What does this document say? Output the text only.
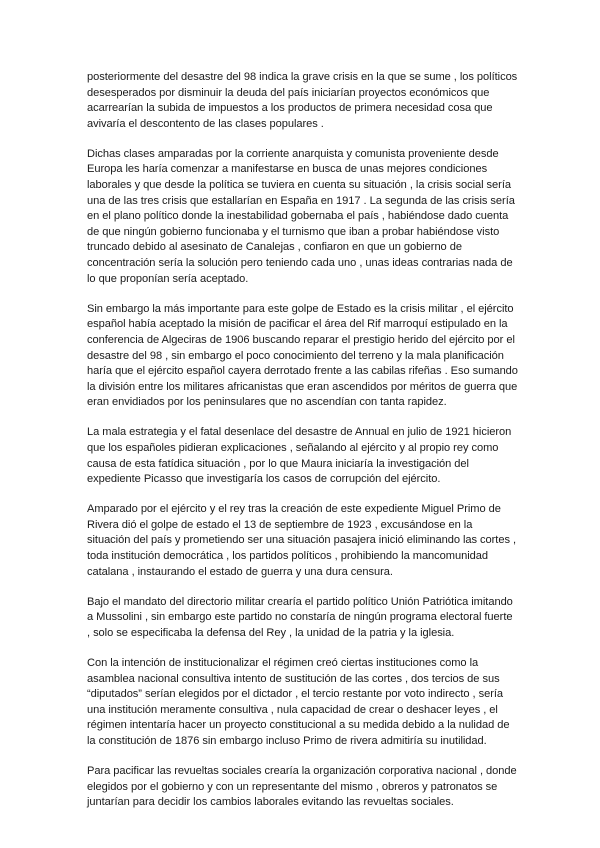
posteriormente del desastre del 98 indica la grave crisis en la que se sume , los políticos desesperados por disminuir la deuda del país iniciarían proyectos económicos que acarrearían la subida de impuestos a los productos de primera necesidad cosa que avivaría el descontento de las clases populares .

Dichas clases amparadas por la corriente anarquista y comunista proveniente desde Europa les haría comenzar a manifestarse en busca de unas mejores condiciones laborales y que desde la política se tuviera en cuenta su situación , la crisis social sería una de las tres crisis que estallarían en España en 1917 . La segunda de las crisis sería en el plano político donde la inestabilidad gobernaba el país , habiéndose dado cuenta de que ningún gobierno funcionaba y el turnismo que iban a probar habiéndose visto truncado debido al asesinato de Canalejas , confiaron en que un gobierno de concentración sería la solución pero teniendo cada uno , unas ideas contrarias nada de lo que proponían sería aceptado.

Sin embargo la más importante para este golpe de Estado es la crisis militar , el ejército español había aceptado la misión de pacificar el área del Rif marroquí estipulado en la conferencia de Algeciras de 1906 buscando reparar el prestigio herido del ejército por el desastre del 98 , sin embargo el poco conocimiento del terreno y la mala planificación haría que el ejército español cayera derrotado frente a las cabilas rifeñas . Eso sumando la división entre los militares africanistas que eran ascendidos por méritos de guerra que eran envidiados por los peninsulares que no ascendían con tanta rapidez.

La mala estrategia y el fatal desenlace del desastre de Annual en julio de 1921 hicieron que los españoles pidieran explicaciones , señalando al ejército y al propio rey como causa de esta fatídica situación , por lo que Maura iniciaría la investigación del expediente Picasso que investigaría los casos de corrupción del ejército.

Amparado por el ejército y el rey tras la creación de este expediente Miguel Primo de Rivera dió el golpe de estado el 13 de septiembre de 1923 , excusándose en la situación del país y prometiendo ser una situación pasajera inició eliminando las cortes , toda institución democrática , los partidos políticos , prohibiendo la mancomunidad catalana , instaurando el estado de guerra y una dura censura.

Bajo el mandato del directorio militar crearía el partido político Unión Patriótica imitando a Mussolini , sin embargo este partido no constaría de ningún programa electoral fuerte , solo se especificaba la defensa del Rey , la unidad de la patria y la iglesia.

Con la intención de institucionalizar el régimen creó ciertas instituciones como la asamblea nacional consultiva intento de sustitución de las cortes , dos tercios de sus “diputados” serían elegidos por el dictador , el tercio restante por voto indirecto , sería una institución meramente consultiva , nula capacidad de crear o deshacer leyes , el régimen intentaría hacer un proyecto constitucional a su medida debido a la nulidad de la constitución de 1876 sin embargo incluso Primo de rivera admitiría su inutilidad.

Para pacificar las revueltas sociales crearía la organización corporativa nacional , donde elegidos por el gobierno y con un representante del mismo , obreros y patronatos se juntarían para decidir los cambios laborales evitando las revueltas sociales.
